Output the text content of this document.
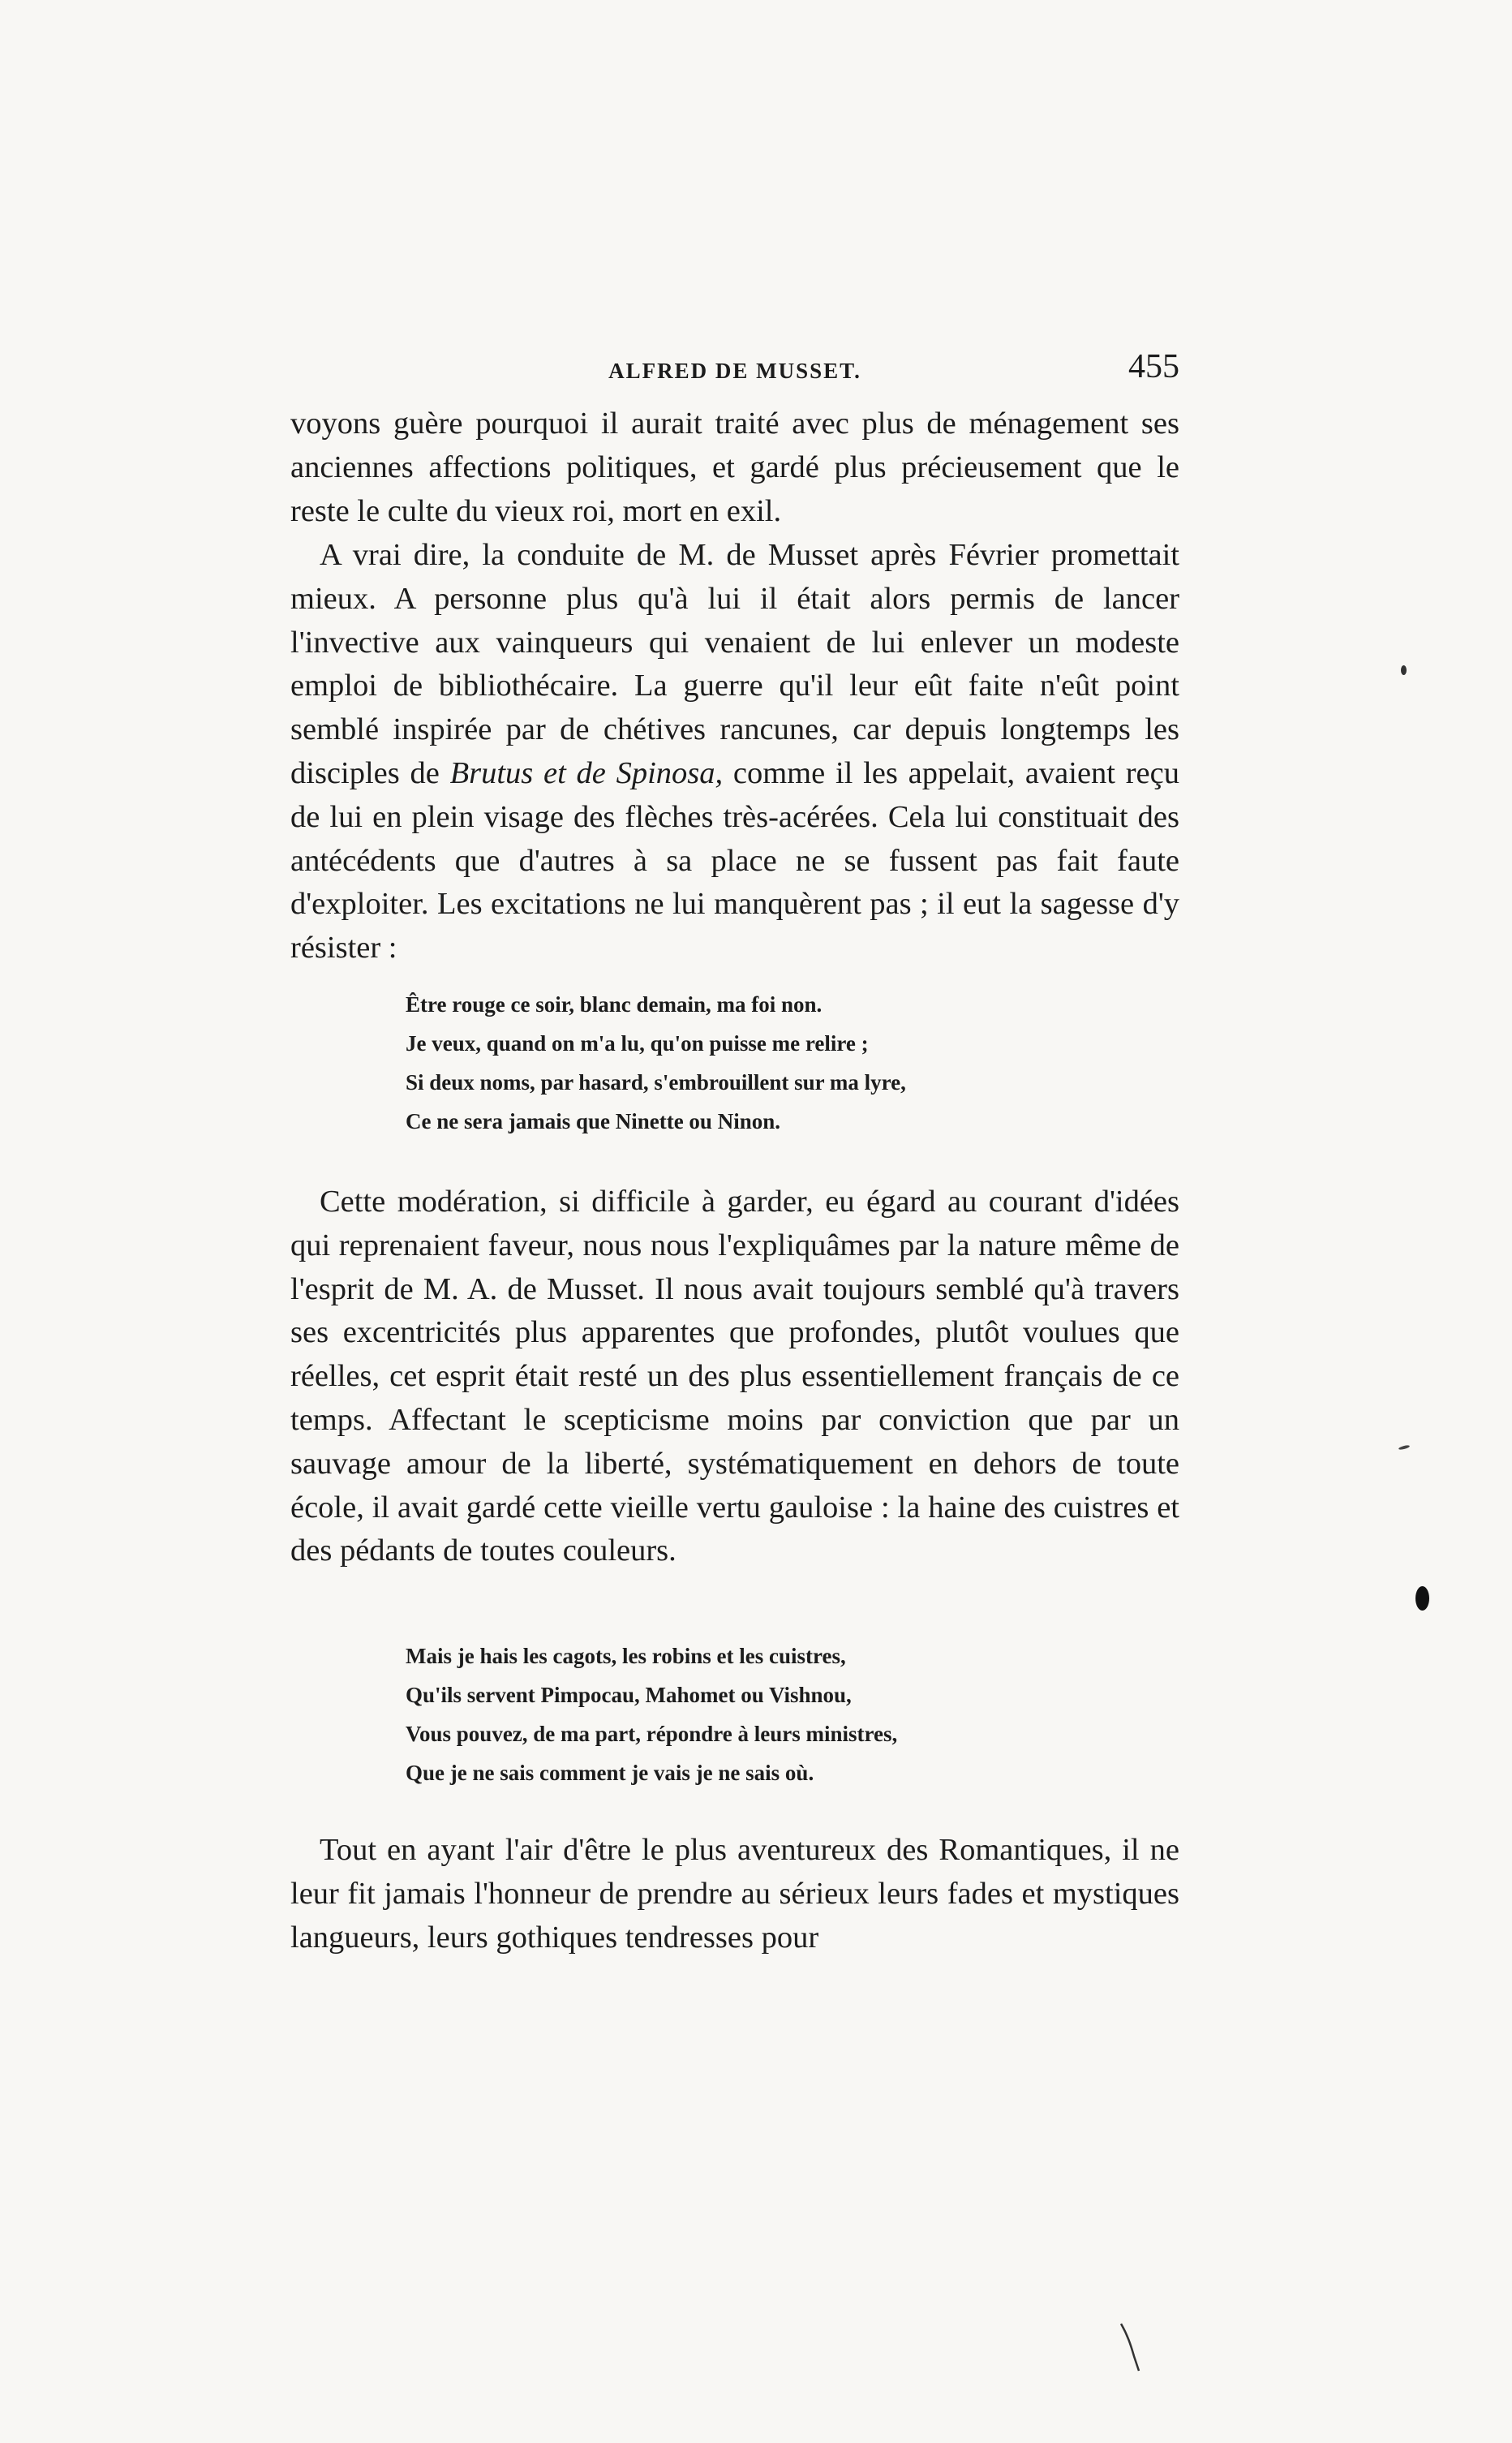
ALFRED DE MUSSET.	455

voyons guère pourquoi il aurait traité avec plus de ménagement ses anciennes affections politiques, et gardé plus précieusement que le reste le culte du vieux roi, mort en exil.

A vrai dire, la conduite de M. de Musset après Février promettait mieux. A personne plus qu'à lui il était alors permis de lancer l'invective aux vainqueurs qui venaient de lui enlever un modeste emploi de bibliothécaire. La guerre qu'il leur eût faite n'eût point semblé inspirée par de chétives rancunes, car depuis longtemps les disciples de Brutus et de Spinosa, comme il les appelait, avaient reçu de lui en plein visage des flèches très-acérées. Cela lui constituait des antécédents que d'autres à sa place ne se fussent pas fait faute d'exploiter. Les excitations ne lui manquèrent pas ; il eut la sagesse d'y résister :

Être rouge ce soir, blanc demain, ma foi non.
Je veux, quand on m'a lu, qu'on puisse me relire ;
Si deux noms, par hasard, s'embrouillent sur ma lyre,
Ce ne sera jamais que Ninette ou Ninon.

Cette modération, si difficile à garder, eu égard au courant d'idées qui reprenaient faveur, nous nous l'expliquâmes par la nature même de l'esprit de M. A. de Musset. Il nous avait toujours semblé qu'à travers ses excentricités plus apparentes que profondes, plutôt voulues que réelles, cet esprit était resté un des plus essentiellement français de ce temps. Affectant le scepticisme moins par conviction que par un sauvage amour de la liberté, systématiquement en dehors de toute école, il avait gardé cette vieille vertu gauloise : la haine des cuistres et des pédants de toutes couleurs.

Mais je hais les cagots, les robins et les cuistres,
Qu'ils servent Pimpocau, Mahomet ou Vishnou,
Vous pouvez, de ma part, répondre à leurs ministres,
Que je ne sais comment je vais je ne sais où.

Tout en ayant l'air d'être le plus aventureux des Romantiques, il ne leur fit jamais l'honneur de prendre au sérieux leurs fades et mystiques langueurs, leurs gothiques tendresses pour
